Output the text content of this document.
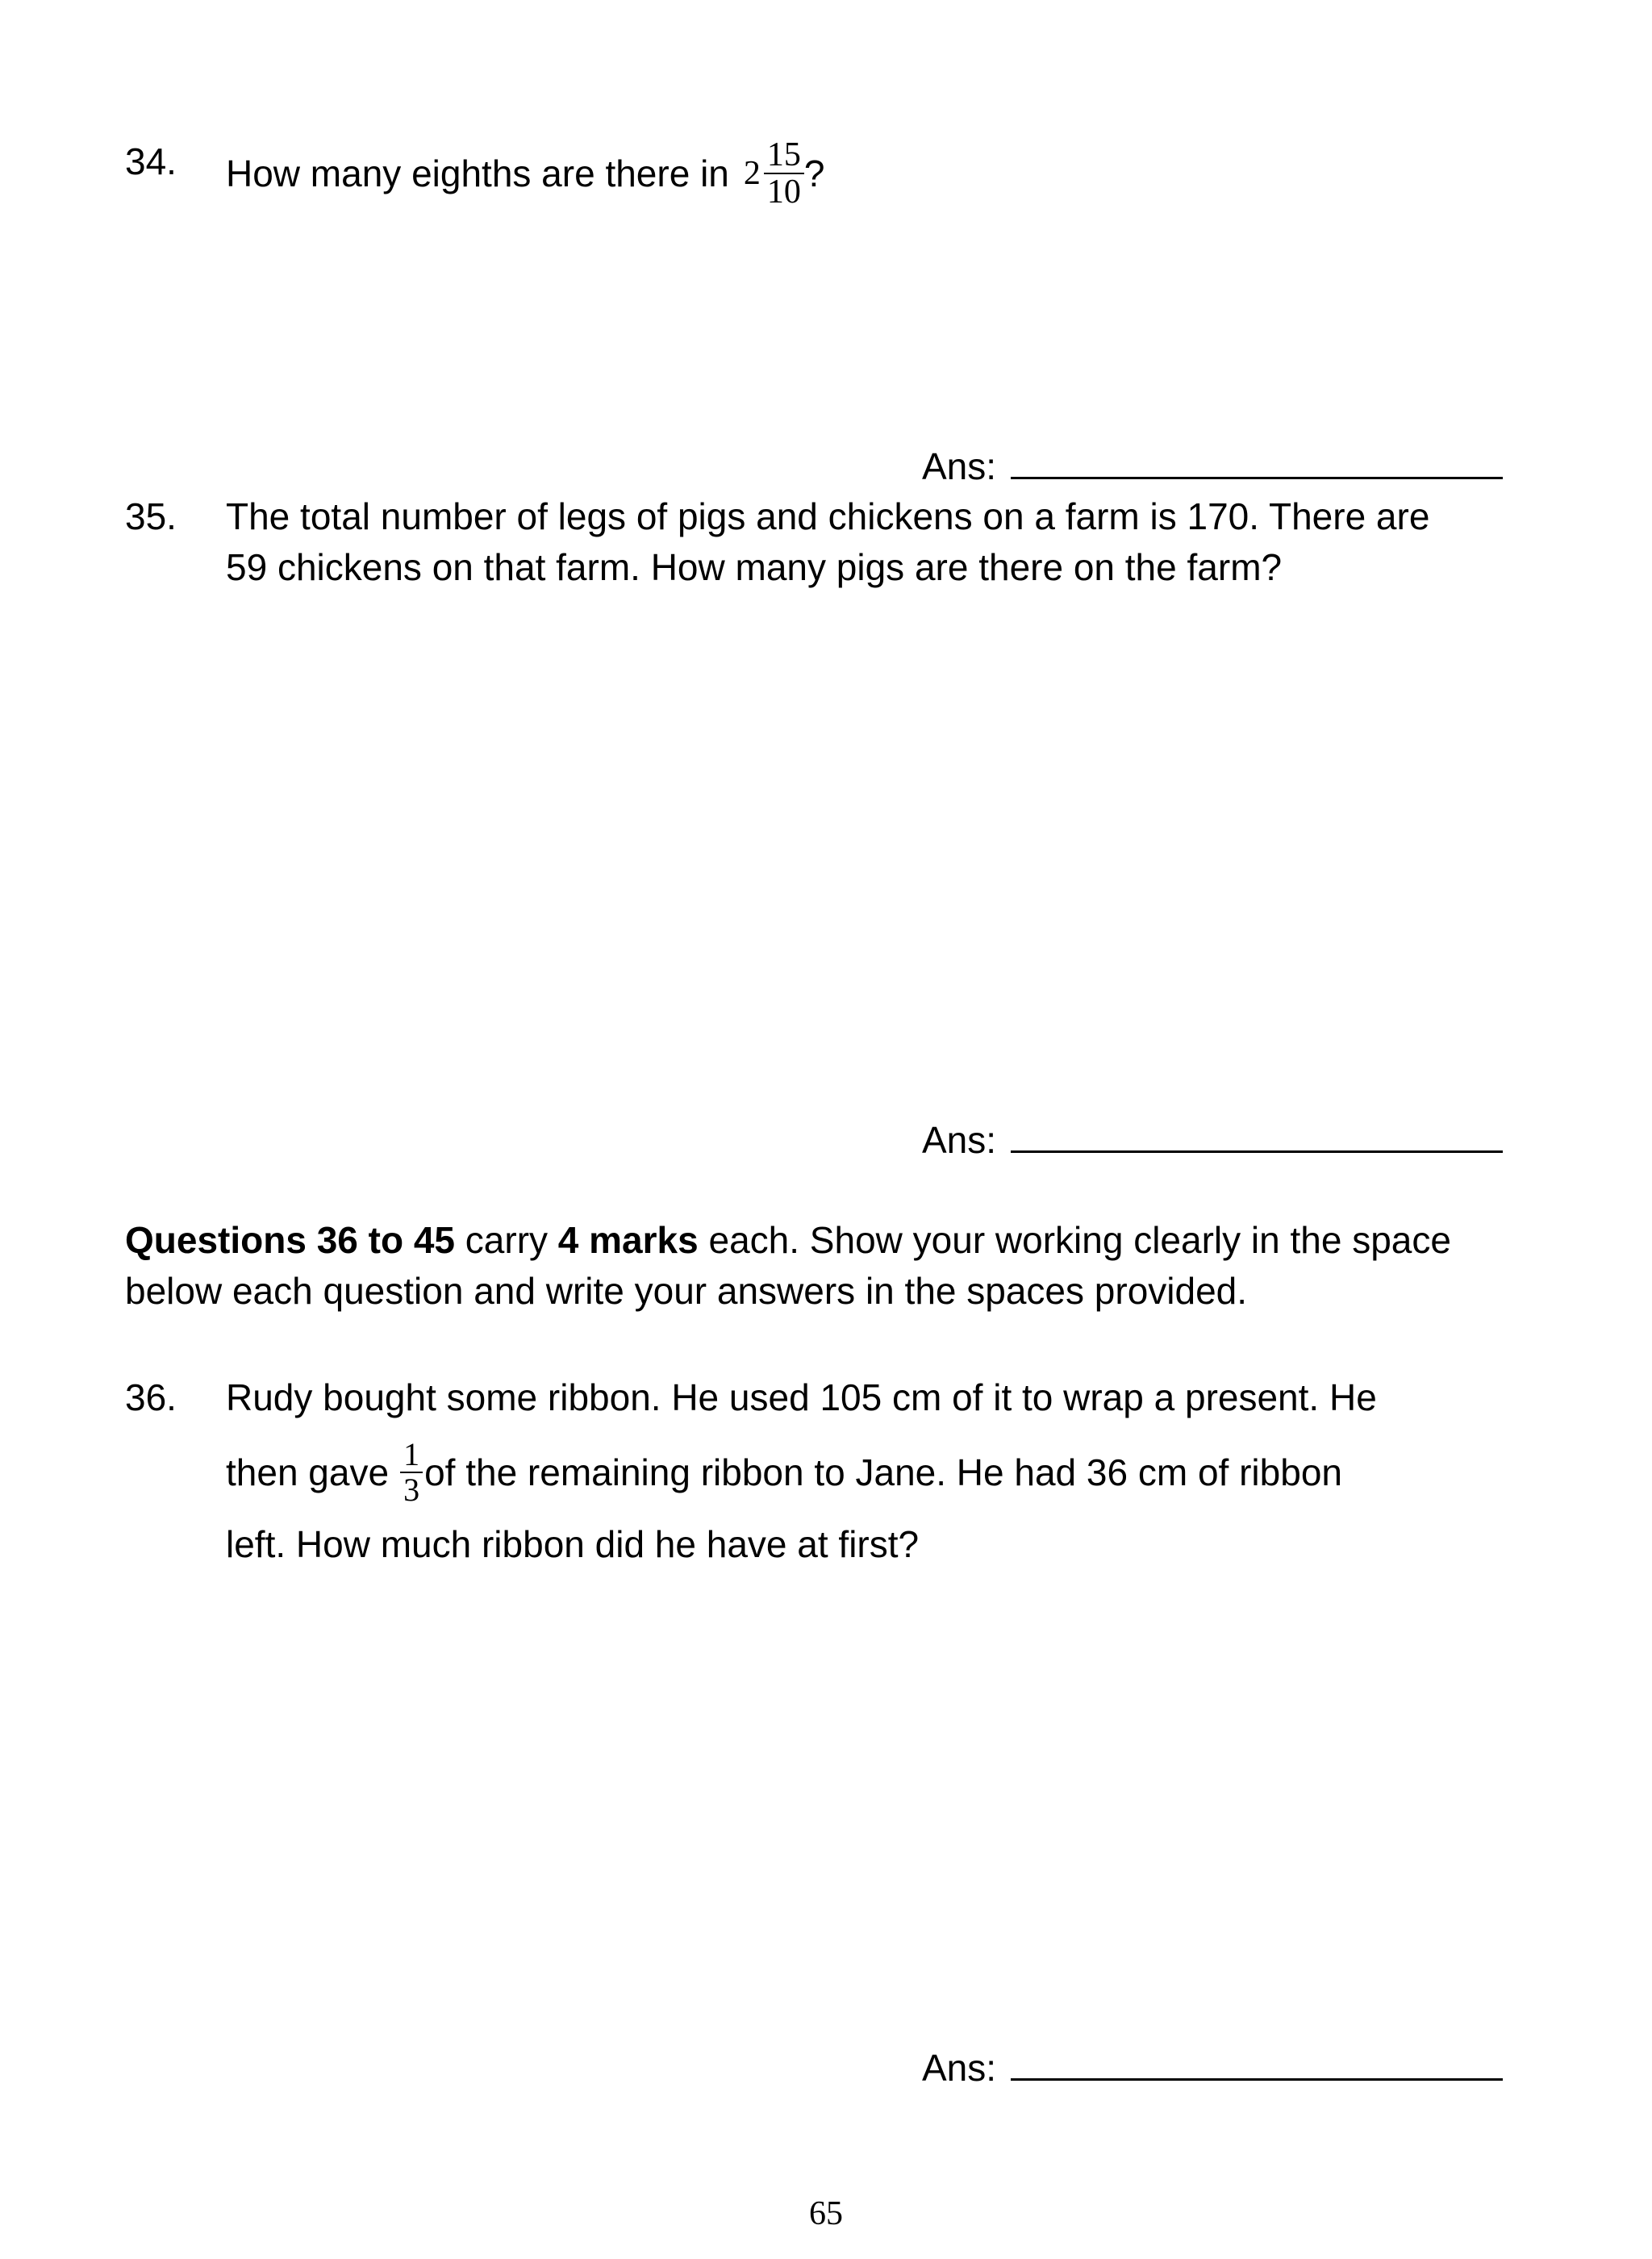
34. How many eighths are there in $2 \frac{15}{10}$ ?
Ans:
35. The total number of legs of pigs and chickens on a farm is 170. There are
59 chickens on that farm. How many pigs are there on the farm?
Ans:
Questions 36 to 45 carry 4 marks each. Show your working clearly in the space below each question and write your answers in the spaces provided.
36. Rudy bought some ribbon. He used 105 cm of it to wrap a present. He
then gave $\frac{1}{3}$ of the remaining ribbon to Jane. He had 36 cm of ribbon
left. How much ribbon did he have at first?
Ans:
65
